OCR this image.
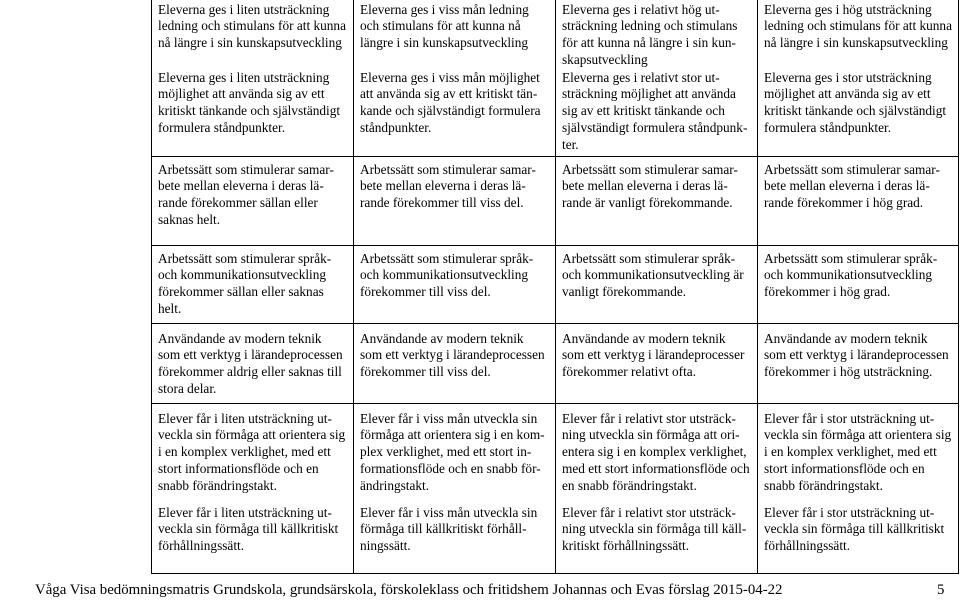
Eleverna ges i liten utsträckning
ledning och stimulans för att kunna
nå längre i sin kunskapsutveckling
Eleverna ges i liten utsträckning
möjlighet att använda sig av ett
kritiskt tänkande och självständigt
formulera ståndpunkter.
Eleverna ges i viss mån ledning
och stimulans för att kunna nå
längre i sin kunskapsutveckling
Eleverna ges i viss mån möjlighet
att använda sig av ett kritiskt tän-
kande och självständigt formulera
ståndpunkter.
Eleverna ges i relativt hög ut-
sträckning ledning och stimulans
för att kunna nå längre i sin kun-
skapsutveckling
Eleverna ges i relativt stor ut-
sträckning möjlighet att använda
sig av ett kritiskt tänkande och
självständigt formulera ståndpunk-
ter.
Eleverna ges i hög utsträckning
ledning och stimulans för att kunna
nå längre i sin kunskapsutveckling
Eleverna ges i stor utsträckning
möjlighet att använda sig av ett
kritiskt tänkande och självständigt
formulera ståndpunkter.
Arbetssätt som stimulerar samar-
bete mellan eleverna i deras lä-
rande förekommer sällan eller
saknas helt.
Arbetssätt som stimulerar samar-
bete mellan eleverna i deras lä-
rande förekommer till viss del.
Arbetssätt som stimulerar samar-
bete mellan eleverna i deras lä-
rande är vanligt förekommande.
Arbetssätt som stimulerar samar-
bete mellan eleverna i deras lä-
rande förekommer i hög grad.
Arbetssätt som stimulerar språk-
och kommunikationsutveckling
förekommer sällan eller saknas
helt.
Arbetssätt som stimulerar språk-
och kommunikationsutveckling
förekommer till viss del.
Arbetssätt som stimulerar språk-
och kommunikationsutveckling är
vanligt förekommande.
Arbetssätt som stimulerar språk-
och kommunikationsutveckling
förekommer i hög grad.
Användande av modern teknik
som ett verktyg i lärandeprocessen
förekommer aldrig eller saknas till
stora delar.
Användande av modern teknik
som ett verktyg i lärandeprocessen
förekommer till viss del.
Användande av modern teknik
som ett verktyg i lärandeprocesser
förekommer relativt ofta.
Användande av modern teknik
som ett verktyg i lärandeprocessen
förekommer i hög utsträckning.
Elever får i liten utsträckning ut-
veckla sin förmåga att orientera sig
i en komplex verklighet, med ett
stort informationsflöde och en
snabb förändringstakt.
Elever får i liten utsträckning ut-
veckla sin förmåga till källkritiskt
förhållningssätt.
Elever får i viss mån utveckla sin
förmåga att orientera sig i en kom-
plex verklighet, med ett stort in-
formationsflöde och en snabb för-
ändringstakt.
Elever får i viss mån utveckla sin
förmåga till källkritiskt förhåll-
ningssätt.
Elever får i relativt stor utsträck-
ning utveckla sin förmåga att ori-
entera sig i en komplex verklighet,
med ett stort informationsflöde och
en snabb förändringstakt.
Elever får i relativt stor utsträck-
ning utveckla sin förmåga till käll-
kritiskt förhållningssätt.
Elever får i stor utsträckning ut-
veckla sin förmåga att orientera sig
i en komplex verklighet, med ett
stort informationsflöde och en
snabb förändringstakt.
Elever får i stor utsträckning ut-
veckla sin förmåga till källkritiskt
förhållningssätt.
Våga Visa bedömningsmatris Grundskola, grundsärskola, förskoleklass och fritidshem Johannas och Evas förslag 2015-04-22	5
